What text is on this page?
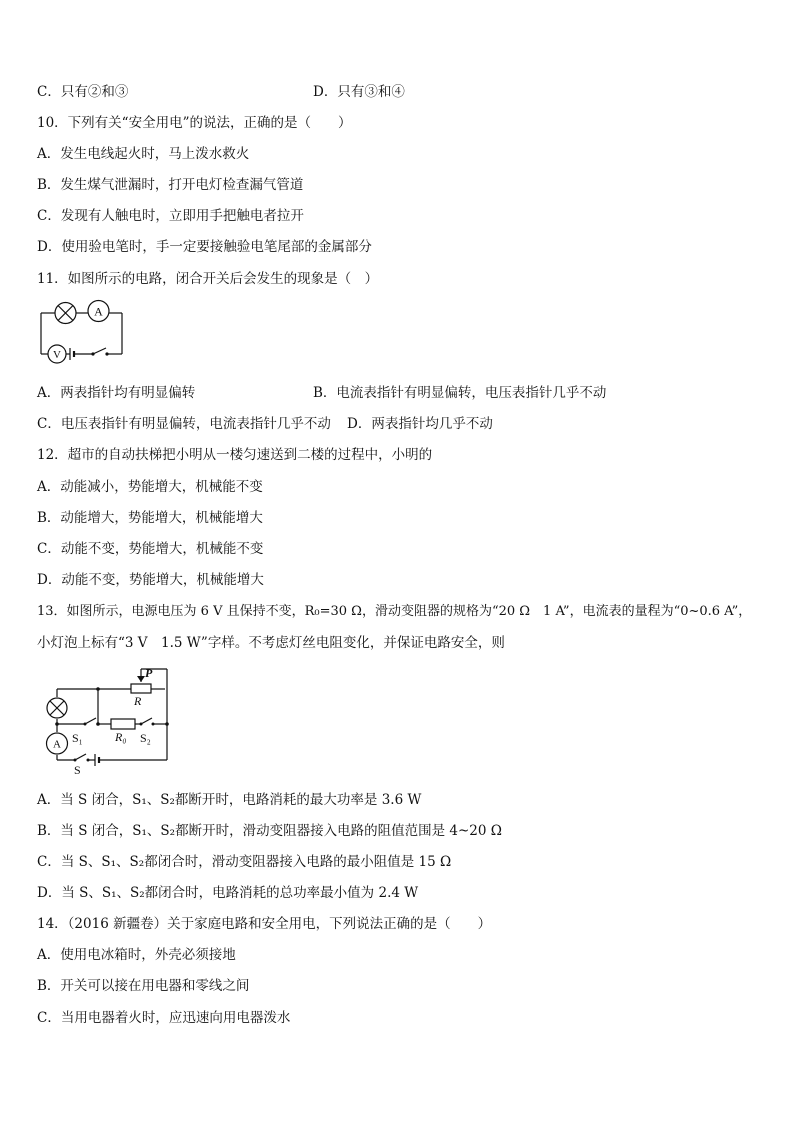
C．只有②和③	D．只有③和④
10．下列有关“安全用电”的说法，正确的是（　　）
A．发生电线起火时，马上泼水救火
B．发生煤气泄漏时，打开电灯检查漏气管道
C．发现有人触电时，立即用手把触电者拉开
D．使用验电笔时，手一定要接触验电笔尾部的金属部分
11．如图所示的电路，闭合开关后会发生的现象是（　）
A
V
A．两表指针均有明显偏转	B．电流表指针有明显偏转，电压表指针几乎不动
C．电压表指针有明显偏转，电流表指针几乎不动 D．两表指针均几乎不动
12．超市的自动扶梯把小明从一楼匀速送到二楼的过程中，小明的
A．动能减小，势能增大，机械能不变
B．动能增大，势能增大，机械能增大
C．动能不变，势能增大，机械能不变
D．动能不变，势能增大，机械能增大
13．如图所示，电源电压为 6 V 且保持不变，R₀=30 Ω，滑动变阻器的规格为“20 Ω　1 A”，电流表的量程为“0~0.6 A”，
小灯泡上标有“3 V　1.5 W”字样。不考虑灯丝电阻变化，并保证电路安全，则
P
R
R₀
S₁	S₂
S
A
A．当 S 闭合，S₁、S₂都断开时，电路消耗的最大功率是 3.6 W
B．当 S 闭合，S₁、S₂都断开时，滑动变阻器接入电路的阻值范围是 4~20 Ω
C．当 S、S₁、S₂都闭合时，滑动变阻器接入电路的最小阻值是 15 Ω
D．当 S、S₁、S₂都闭合时，电路消耗的总功率最小值为 2.4 W
14．（2016 新疆卷）关于家庭电路和安全用电，下列说法正确的是（　　）
A．使用电冰箱时，外壳必须接地
B．开关可以接在用电器和零线之间
C．当用电器着火时，应迅速向用电器泼水
